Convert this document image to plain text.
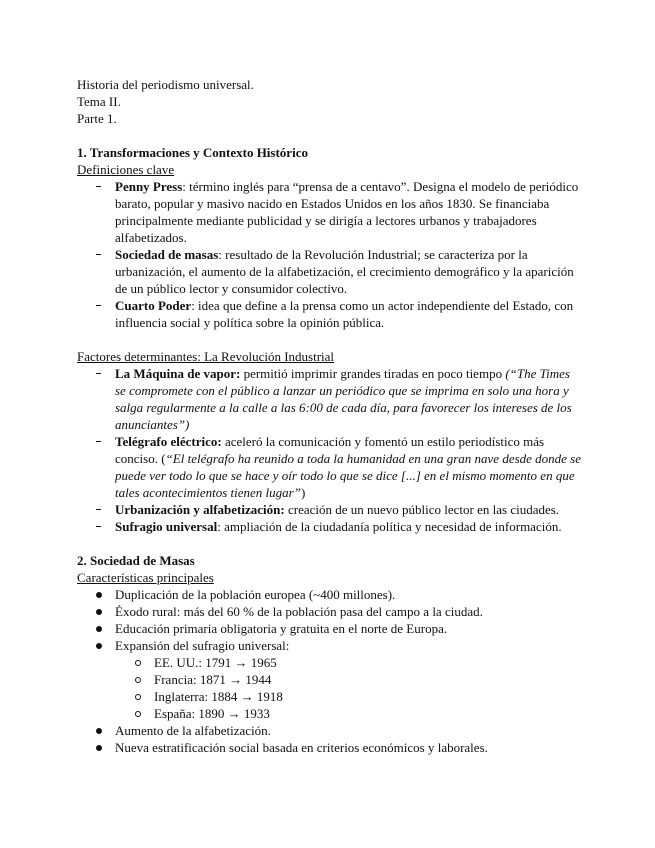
Historia del periodismo universal.
Tema II.
Parte 1.
1. Transformaciones y Contexto Histórico
Definiciones clave
Penny Press: término inglés para “prensa de a centavo”. Designa el modelo de periódico
barato, popular y masivo nacido en Estados Unidos en los años 1830. Se financiaba
principalmente mediante publicidad y se dirigía a lectores urbanos y trabajadores
alfabetizados.
Sociedad de masas: resultado de la Revolución Industrial; se caracteriza por la
urbanización, el aumento de la alfabetización, el crecimiento demográfico y la aparición
de un público lector y consumidor colectivo.
Cuarto Poder: idea que define a la prensa como un actor independiente del Estado, con
influencia social y política sobre la opinión pública.
Factores determinantes: La Revolución Industrial
La Máquina de vapor: permitió imprimir grandes tiradas en poco tiempo (“The Times
se compromete con el público a lanzar un periódico que se imprima en solo una hora y
salga regularmente a la calle a las 6:00 de cada día, para favorecer los intereses de los
anunciantes”)
Telégrafo eléctrico: aceleró la comunicación y fomentó un estilo periodístico más
conciso. (“El telégrafo ha reunido a toda la humanidad en una gran nave desde donde se
puede ver todo lo que se hace y oír todo lo que se dice [...] en el mismo momento en que
tales acontecimientos tienen lugar”)
Urbanización y alfabetización: creación de un nuevo público lector en las ciudades.
Sufragio universal: ampliación de la ciudadanía política y necesidad de información.
2. Sociedad de Masas
Características principales
Duplicación de la población europea (~400 millones).
Éxodo rural: más del 60 % de la población pasa del campo a la ciudad.
Educación primaria obligatoria y gratuita en el norte de Europa.
Expansión del sufragio universal:
EE. UU.: 1791 → 1965
Francia: 1871 → 1944
Inglaterra: 1884 → 1918
España: 1890 → 1933
Aumento de la alfabetización.
Nueva estratificación social basada en criterios económicos y laborales.
